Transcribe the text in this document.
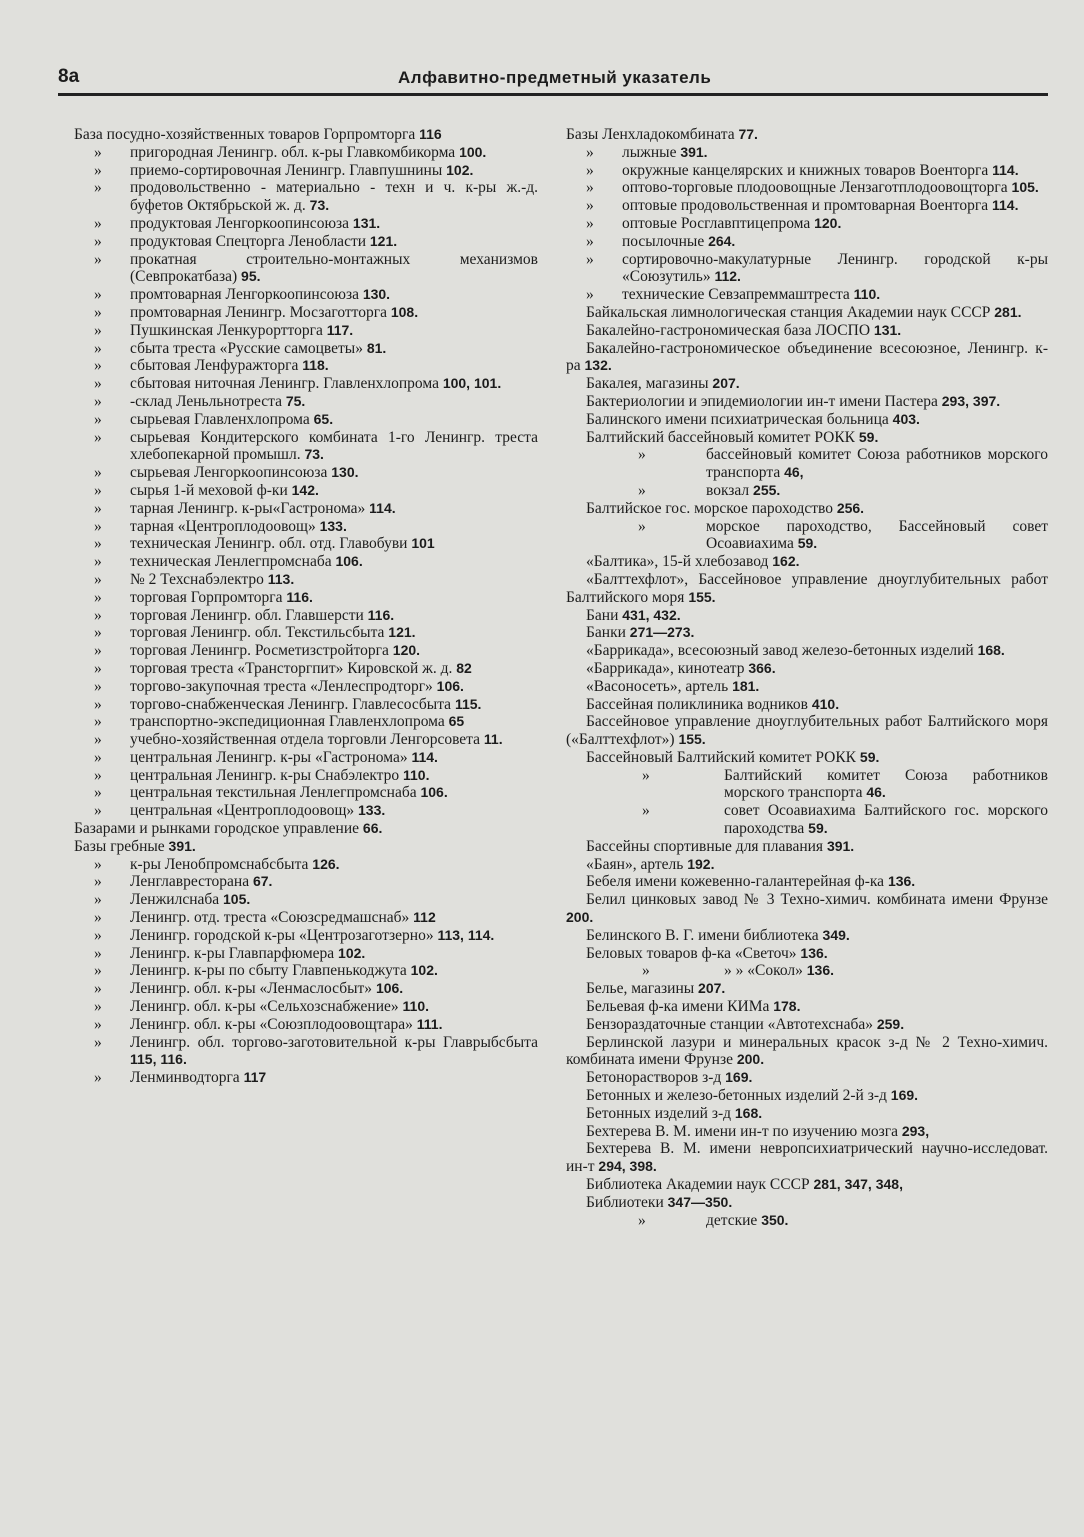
8а	Алфавитно-предметный указатель
База посудно-хозяйственных товаров Горпромторга 116
» пригородная Ленингр. обл. к-ры Главкомбикорма 100.
» приемо-сортировочная Ленингр. Главпушнины 102.
» продовольственно - материально - техн и ч. к-ры ж.-д. буфетов Октябрьской ж. д. 73.
» продуктовая Ленгоркоопинсоюза 131.
» продуктовая Спецторга Ленобласти 121.
» прокатная строительно-монтажных механизмов (Севпрокатбаза) 95.
» промтоварная Ленгоркоопинсоюза 130.
» промтоварная Ленингр. Мосзаготторга 108.
» Пушкинская Ленкурортторга 117.
» сбыта треста «Русские самоцветы» 81.
» сбытовая Ленфуражторга 118.
» сбытовая ниточная Ленингр. Главленхлопрома 100, 101.
» -склад Леньльнотреста 75.
» сырьевая Главленхлопрома 65.
» сырьевая Кондитерского комбината 1-го Ленингр. треста хлебопекарной промышл. 73.
» сырьевая Ленгоркоопинсоюза 130.
» сырья 1-й меховой ф-ки 142.
» тарная Ленингр. к-ры«Гастронома» 114.
» тарная «Центроплодоовощ» 133.
» техническая Ленингр. обл. отд. Главобуви 101
» техническая Ленлегпромснаба 106.
» № 2 Техснабэлектро 113.
» торговая Горпромторга 116.
» торговая Ленингр. обл. Главшерсти 116.
» торговая Ленингр. обл. Текстильсбыта 121.
» торговая Ленингр. Росметизстройторга 120.
» торговая треста «Трансторгпит» Кировской ж. д. 82
» торгово-закупочная треста «Ленлеспродторг» 106.
» торгово-снабженческая Ленингр. Главлесосбыта 115.
» транспортно-экспедиционная Главленхлопрома 65
» учебно-хозяйственная отдела торговли Ленгорсовета 11.
» центральная Ленингр. к-ры «Гастронома» 114.
» центральная Ленингр. к-ры Снабэлектро 110.
» центральная текстильная Ленлегпромснаба 106.
» центральная «Центроплодоовощ» 133.
Базарами и рынками городское управление 66.
Базы гребные 391.
» к-ры Ленобпромснабсбыта 126.
» Ленглавресторана 67.
» Ленжилснаба 105.
» Ленингр. отд. треста «Союзсредмашснаб» 112
» Ленингр. городской к-ры «Центрозаготзерно» 113, 114.
» Ленингр. к-ры Главпарфюмера 102.
» Ленингр. к-ры по сбыту Главпенькоджута 102.
» Ленингр. обл. к-ры «Ленмаслосбыт» 106.
» Ленингр. обл. к-ры «Сельхозснабжение» 110.
» Ленингр. обл. к-ры «Союзплодоовощтара» 111.
» Ленингр. обл. торгово-заготовительной к-ры Главрыбсбыта 115, 116.
» Ленминводторга 117
Базы Ленхладокомбината 77.
» лыжные 391.
» окружные канцелярских и книжных товаров Военторга 114.
» оптово-торговые плодоовощные Лензаготплодоовощторга 105.
» оптовые продовольственная и промтоварная Военторга 114.
» оптовые Росглавптицепрома 120.
» посылочные 264.
» сортировочно-макулатурные Ленингр. городской к-ры «Союзутиль» 112.
» технические Севзапреммаштреста 110.
Байкальская лимнологическая станция Академии наук СССР 281.
Бакалейно-гастрономическая база ЛОСПО 131.
Бакалейно-гастрономическое объединение всесоюзное, Ленингр. к-ра 132.
Бакалея, магазины 207.
Бактериологии и эпидемиологии ин-т имени Пастера 293, 397.
Балинского имени психиатрическая больница 403.
Балтийский бассейновый комитет РОКК 59.
» бассейновый комитет Союза работников морского транспорта 46,
» вокзал 255.
Балтийское гос. морское пароходство 256.
» морское пароходство, Бассейновый совет Осоавиахима 59.
«Балтика», 15-й хлебозавод 162.
«Балттехфлот», Бассейновое управление дноуглубительных работ Балтийского моря 155.
Бани 431, 432.
Банки 271—273.
«Баррикада», всесоюзный завод железо-бетонных изделий 168.
«Баррикада», кинотеатр 366.
«Васоносеть», артель 181.
Бассейная поликлиника водников 410.
Бассейновое управление дноуглубительных работ Балтийского моря («Балттехфлот») 155.
Бассейновый Балтийский комитет РОКК 59.
» Балтийский комитет Союза работников морского транспорта 46.
» совет Осоавиахима Балтийского гос. морского пароходства 59.
Бассейны спортивные для плавания 391.
«Баян», артель 192.
Бебеля имени кожевенно-галантерейная ф-ка 136.
Белил цинковых завод № 3 Техно-химич. комбината имени Фрунзе 200.
Белинского В. Г. имени библиотека 349.
Беловых товаров ф-ка «Светоч» 136.
» » » «Сокол» 136.
Белье, магазины 207.
Бельевая ф-ка имени КИМа 178.
Бензораздаточные станции «Автотехснаба» 259.
Берлинской лазури и минеральных красок з-д № 2 Техно-химич. комбината имени Фрунзе 200.
Бетонорастворов з-д 169.
Бетонных и железо-бетонных изделий 2-й з-д 169.
Бетонных изделий з-д 168.
Бехтерева В. М. имени ин-т по изучению мозга 293,
Бехтерева В. М. имени невропсихиатрический научно-исследоват. ин-т 294, 398.
Библиотека Академии наук СССР 281, 347, 348,
Библиотеки 347—350.
» детские 350.
